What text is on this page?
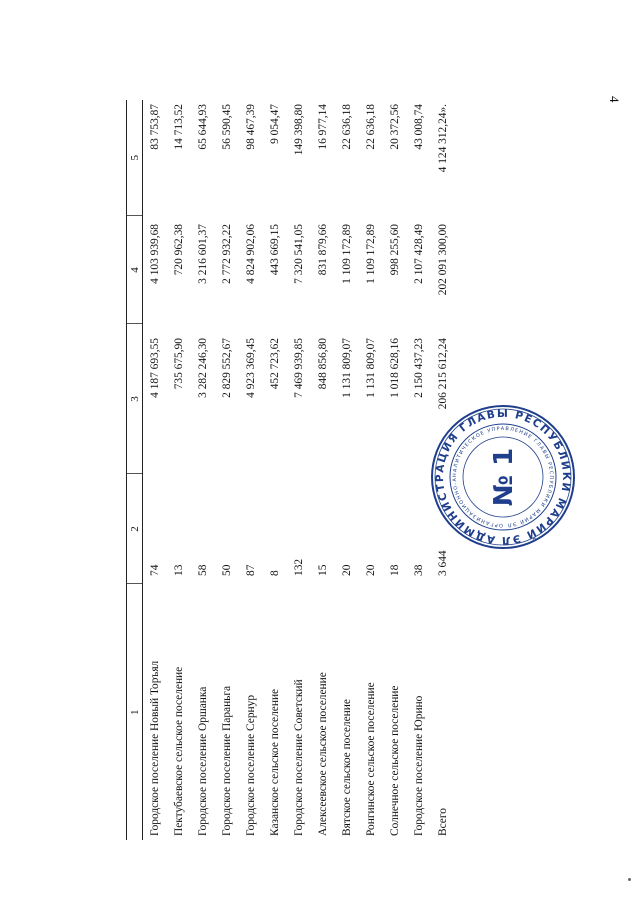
4
1	2	3	4	5
Городское поселение Новый Торъял	74	4 187 693,55	4 103 939,68	83 753,87
Пектубаевское сельское поселение	13	735 675,90	720 962,38	14 713,52
Городское поселение Оршанка	58	3 282 246,30	3 216 601,37	65 644,93
Городское поселение Параньга	50	2 829 552,67	2 772 932,22	56 590,45
Городское поселение Сернур	87	4 923 369,45	4 824 902,06	98 467,39
Казанское сельское поселение	8	452 723,62	443 669,15	9 054,47
Городское поселение Советский	132	7 469 939,85	7 320 541,05	149 398,80
Алексеевское сельское поселение	15	848 856,80	831 879,66	16 977,14
Вятское сельское поселение	20	1 131 809,07	1 109 172,89	22 636,18
Ронгинское сельское поселение	20	1 131 809,07	1 109 172,89	22 636,18
Солнечное сельское поселение	18	1 018 628,16	998 255,60	20 372,56
Городское поселение Юрино	38	2 150 437,23	2 107 428,49	43 008,74
Всего	3 644	206 215 612,24	202 091 300,00	4 124 312,24».
АДМИНИСТРАЦИЯ ГЛАВЫ РЕСПУБЛИКИ МАРИЙ ЭЛ
ОРГАНИЗАЦИОННО-АНАЛИТИЧЕСКОЕ УПРАВЛЕНИЕ ГЛАВЫ РЕСПУБЛИКИ МАРИЙ ЭЛ
№ 1
